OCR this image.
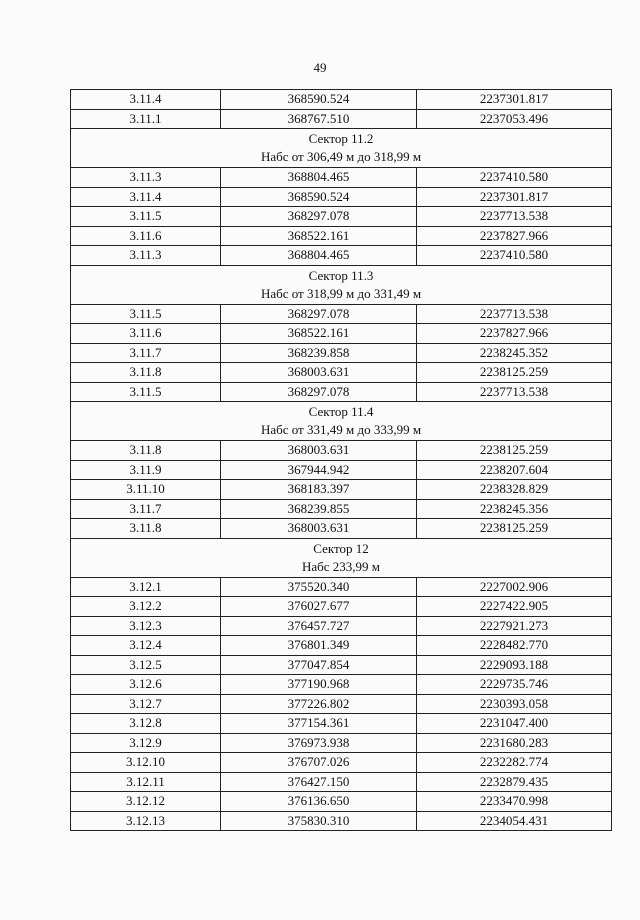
49
3.11.4	368590.524	2237301.817
3.11.1	368767.510	2237053.496

Сектор 11.2
Набс от 306,49 м до 318,99 м		

3.11.3	368804.465	2237410.580
3.11.4	368590.524	2237301.817
3.11.5	368297.078	2237713.538
3.11.6	368522.161	2237827.966
3.11.3	368804.465	2237410.580

Сектор 11.3
Набс от 318,99 м до 331,49 м		

3.11.5	368297.078	2237713.538
3.11.6	368522.161	2237827.966
3.11.7	368239.858	2238245.352
3.11.8	368003.631	2238125.259
3.11.5	368297.078	2237713.538

Сектор 11.4
Набс от 331,49 м до 333,99 м		

3.11.8	368003.631	2238125.259
3.11.9	367944.942	2238207.604
3.11.10	368183.397	2238328.829
3.11.7	368239.855	2238245.356
3.11.8	368003.631	2238125.259

Сектор 12
Набс 233,99 м		

3.12.1	375520.340	2227002.906
3.12.2	376027.677	2227422.905
3.12.3	376457.727	2227921.273
3.12.4	376801.349	2228482.770
3.12.5	377047.854	2229093.188
3.12.6	377190.968	2229735.746
3.12.7	377226.802	2230393.058
3.12.8	377154.361	2231047.400
3.12.9	376973.938	2231680.283
3.12.10	376707.026	2232282.774
3.12.11	376427.150	2232879.435
3.12.12	376136.650	2233470.998
3.12.13	375830.310	2234054.431
